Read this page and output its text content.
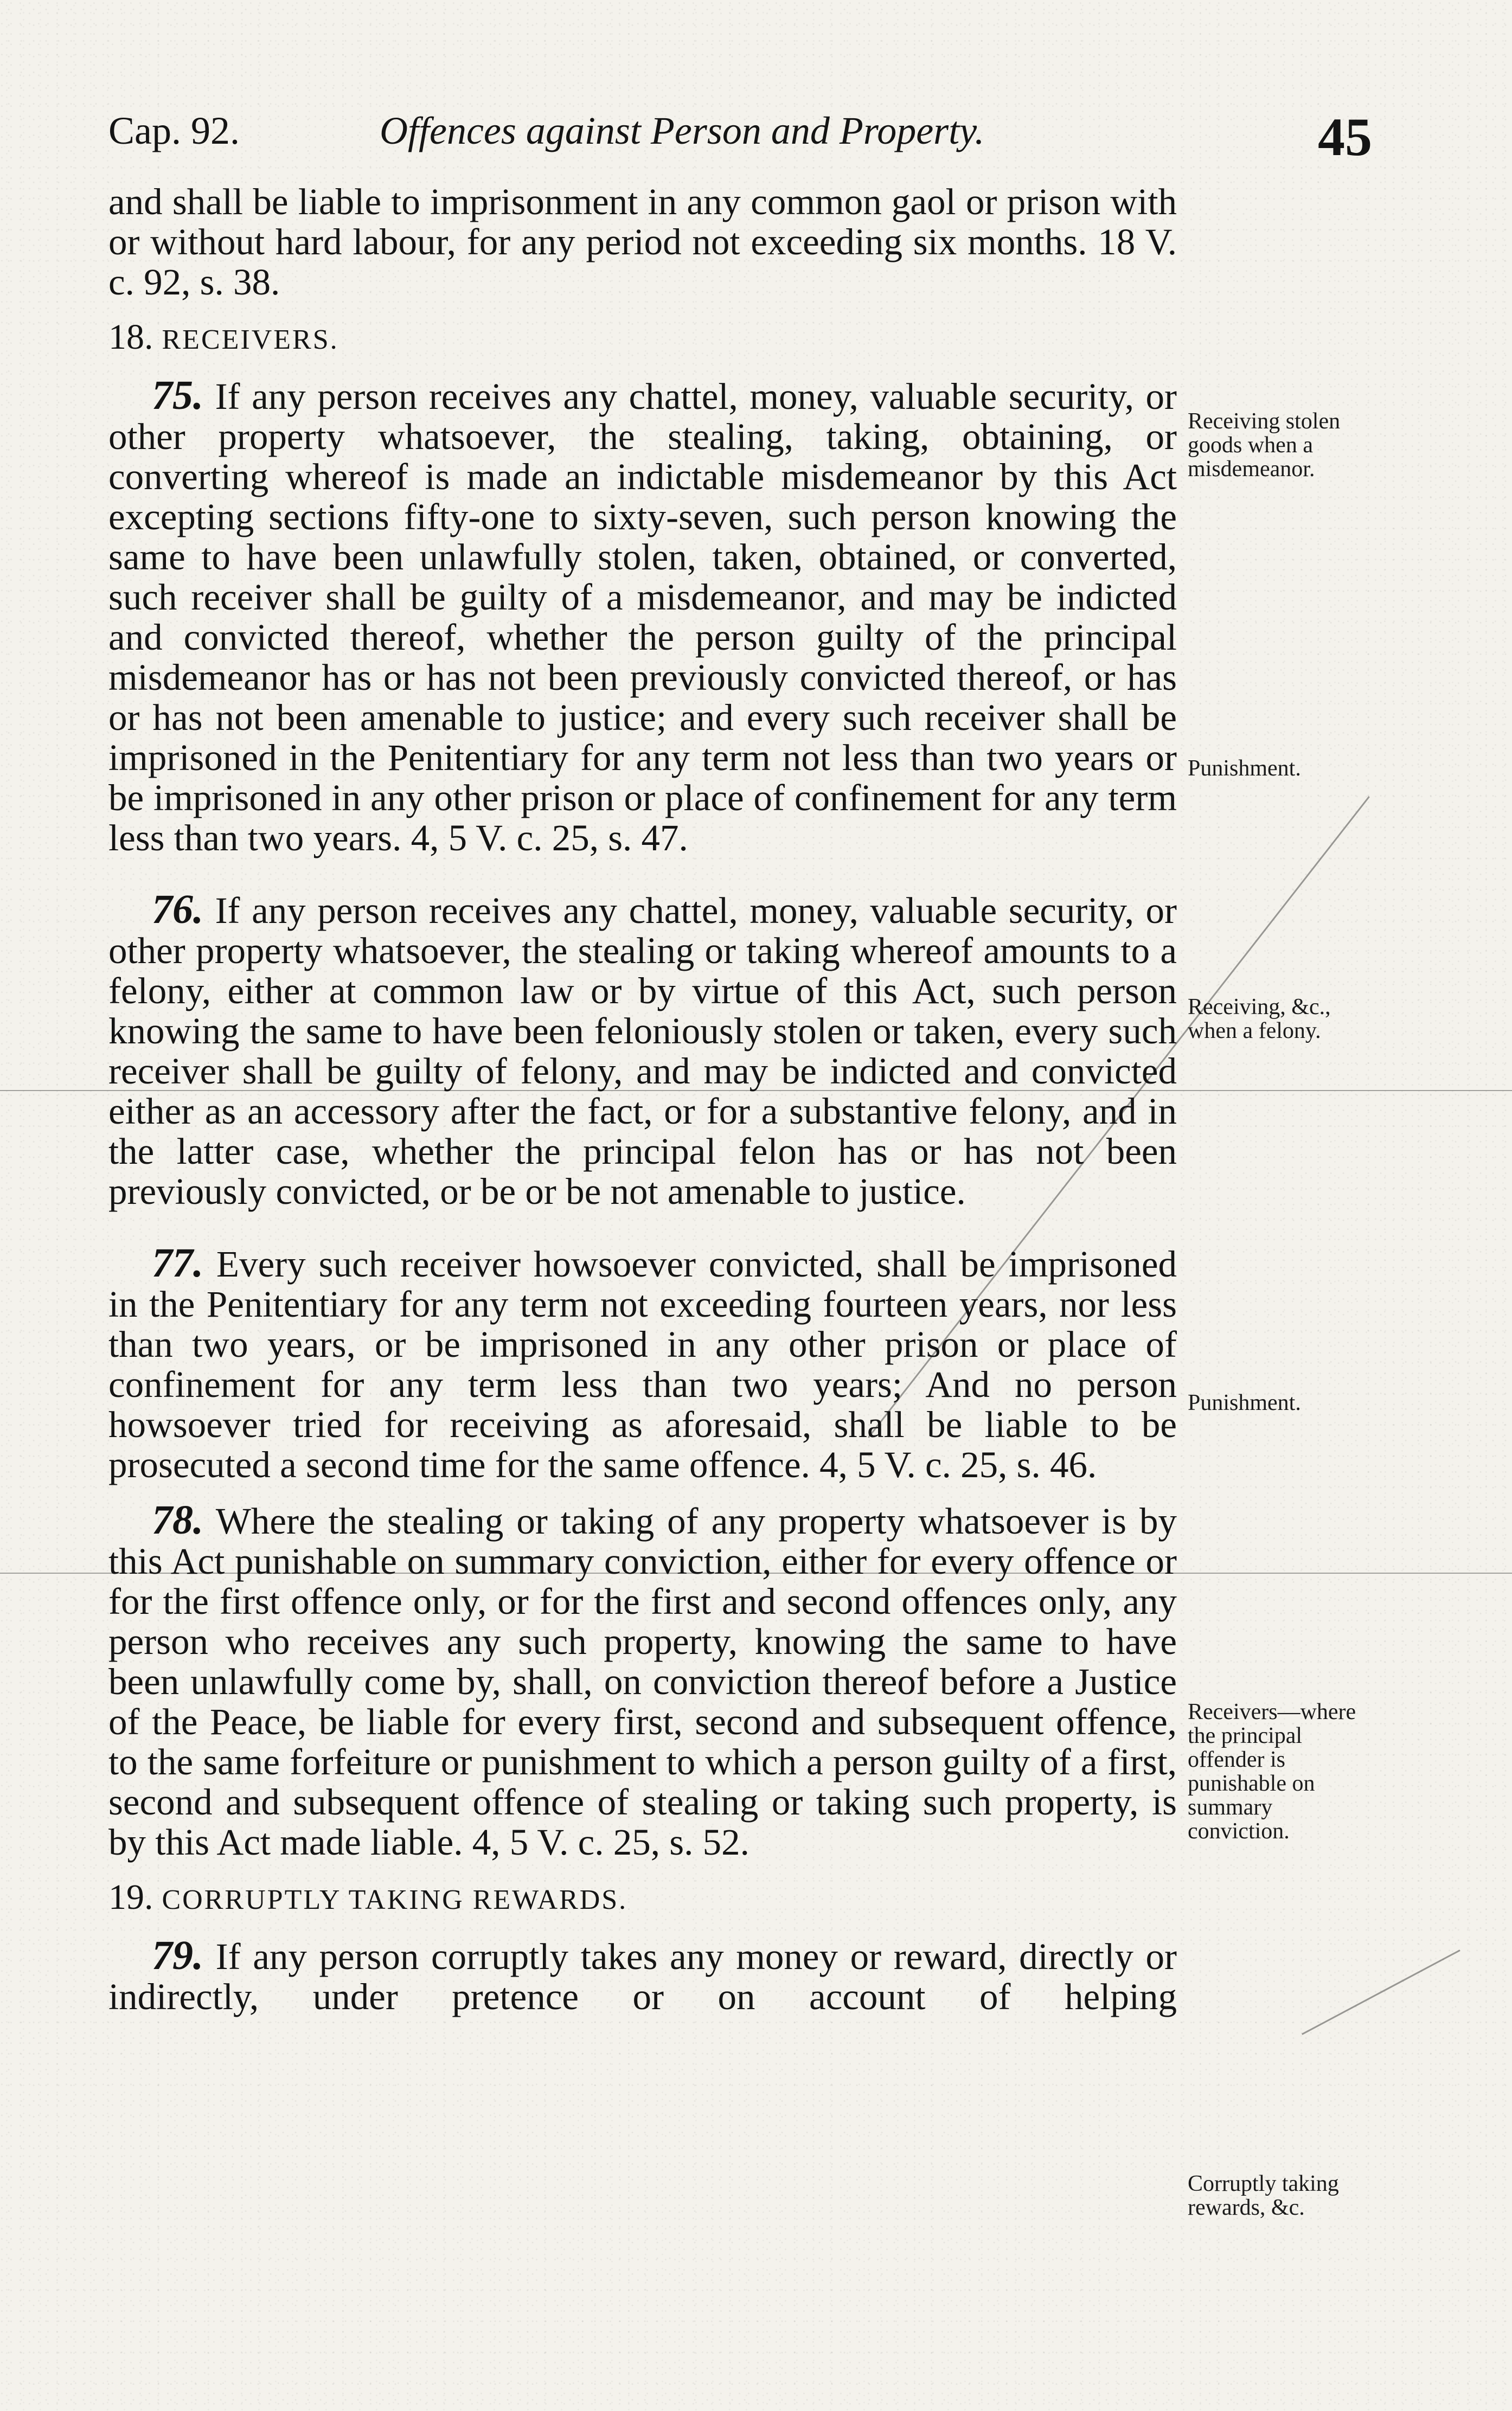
Cap. 92.	Offences against Person and Property.	45

and shall be liable to imprisonment in any common gaol or prison with or without hard labour, for any period not exceeding six months. 18 V. c. 92, s. 38.

18. RECEIVERS.

75. If any person receives any chattel, money, valuable security, or other property whatsoever, the stealing, taking, obtaining, or converting whereof is made an indictable misdemeanor by this Act excepting sections fifty-one to sixty-seven, such person knowing the same to have been unlawfully stolen, taken, obtained, or converted, such receiver shall be guilty of a misdemeanor, and may be indicted and convicted thereof, whether the person guilty of the principal misdemeanor has or has not been previously convicted thereof, or has or has not been amenable to justice; and every such receiver shall be imprisoned in the Penitentiary for any term not less than two years or be imprisoned in any other prison or place of confinement for any term less than two years. 4, 5 V. c. 25, s. 47.

76. If any person receives any chattel, money, valuable security, or other property whatsoever, the stealing or taking whereof amounts to a felony, either at common law or by virtue of this Act, such person knowing the same to have been feloniously stolen or taken, every such receiver shall be guilty of felony, and may be indicted and convicted either as an accessory after the fact, or for a substantive felony, and in the latter case, whether the principal felon has or has not been previously convicted, or be or be not amenable to justice.

77. Every such receiver howsoever convicted, shall be imprisoned in the Penitentiary for any term not exceeding fourteen years, nor less than two years, or be imprisoned in any other prison or place of confinement for any term less than two years; And no person howsoever tried for receiving as aforesaid, shall be liable to be prosecuted a second time for the same offence. 4, 5 V. c. 25, s. 46.

78. Where the stealing or taking of any property whatsoever is by this Act punishable on summary conviction, either for every offence or for the first offence only, or for the first and second offences only, any person who receives any such property, knowing the same to have been unlawfully come by, shall, on conviction thereof before a Justice of the Peace, be liable for every first, second and subsequent offence, to the same forfeiture or punishment to which a person guilty of a first, second and subsequent offence of stealing or taking such property, is by this Act made liable. 4, 5 V. c. 25, s. 52.

19. CORRUPTLY TAKING REWARDS.

79. If any person corruptly takes any money or reward, directly or indirectly, under pretence or on account of helping

Receiving stolen goods when a misdemeanor.
Punishment.
Receiving, &c., when a felony.
Punishment.
Receivers—where the principal offender is punishable on summary conviction.
Corruptly taking rewards, &c.
